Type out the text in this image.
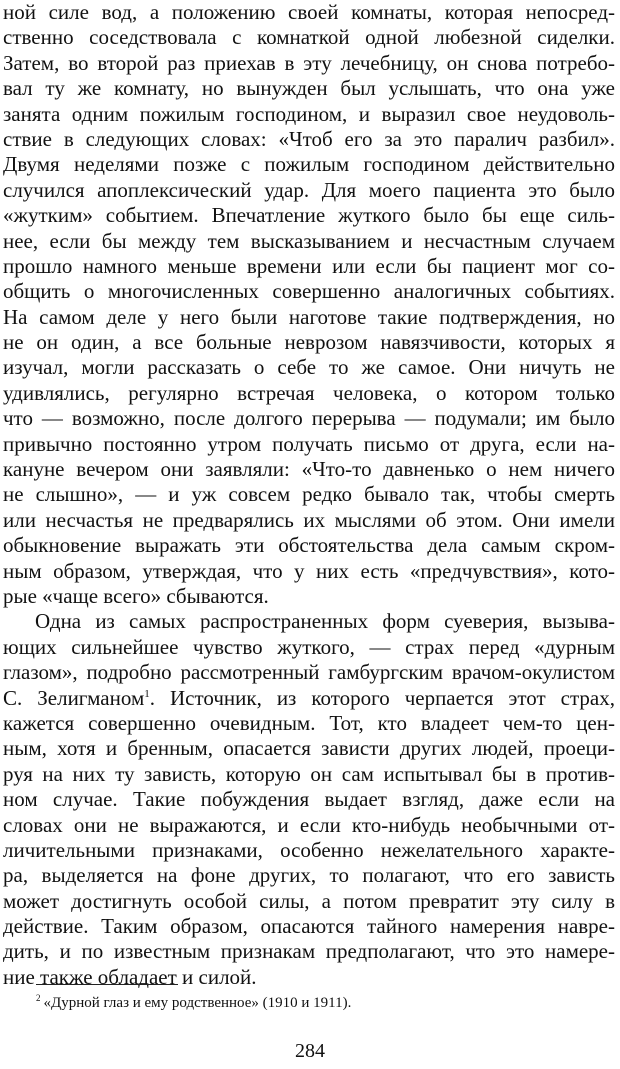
ной силе вод, а положению своей комнаты, которая непосред-
ственно соседствовала с комнаткой одной любезной сиделки.
Затем, во второй раз приехав в эту лечебницу, он снова потребо-
вал ту же комнату, но вынужден был услышать, что она уже
занята одним пожилым господином, и выразил свое неудоволь-
ствие в следующих словах: «Чтоб его за это паралич разбил».
Двумя неделями позже с пожилым господином действительно
случился апоплексический удар. Для моего пациента это было
«жутким» событием. Впечатление жуткого было бы еще силь-
нее, если бы между тем высказыванием и несчастным случаем
прошло намного меньше времени или если бы пациент мог со-
общить о многочисленных совершенно аналогичных событиях.
На самом деле у него были наготове такие подтверждения, но
не он один, а все больные неврозом навязчивости, которых я
изучал, могли рассказать о себе то же самое. Они ничуть не
удивлялись, регулярно встречая человека, о котором только
что — возможно, после долгого перерыва — подумали; им было
привычно постоянно утром получать письмо от друга, если на-
кануне вечером они заявляли: «Что-то давненько о нем ничего
не слышно», — и уж совсем редко бывало так, чтобы смерть
или несчастья не предварялись их мыслями об этом. Они имели
обыкновение выражать эти обстоятельства дела самым скром-
ным образом, утверждая, что у них есть «предчувствия», кото-
рые «чаще всего» сбываются.
Одна из самых распространенных форм суеверия, вызыва-
ющих сильнейшее чувство жуткого, — страх перед «дурным
глазом», подробно рассмотренный гамбургским врачом-окулистом
С. Зелигманом$^1$. Источник, из которого черпается этот страх,
кажется совершенно очевидным. Тот, кто владеет чем-то цен-
ным, хотя и бренным, опасается зависти других людей, проеци-
руя на них ту зависть, которую он сам испытывал бы в против-
ном случае. Такие побуждения выдает взгляд, даже если на
словах они не выражаются, и если кто-нибудь необычными от-
личительными признаками, особенно нежелательного характе-
ра, выделяется на фоне других, то полагают, что его зависть
может достигнуть особой силы, а потом превратит эту силу в
действие. Таким образом, опасаются тайного намерения навре-
дить, и по известным признакам предполагают, что это намере-
ние также обладает и силой.
$^2$ «Дурной глаз и ему родственное» (1910 и 1911).
284
